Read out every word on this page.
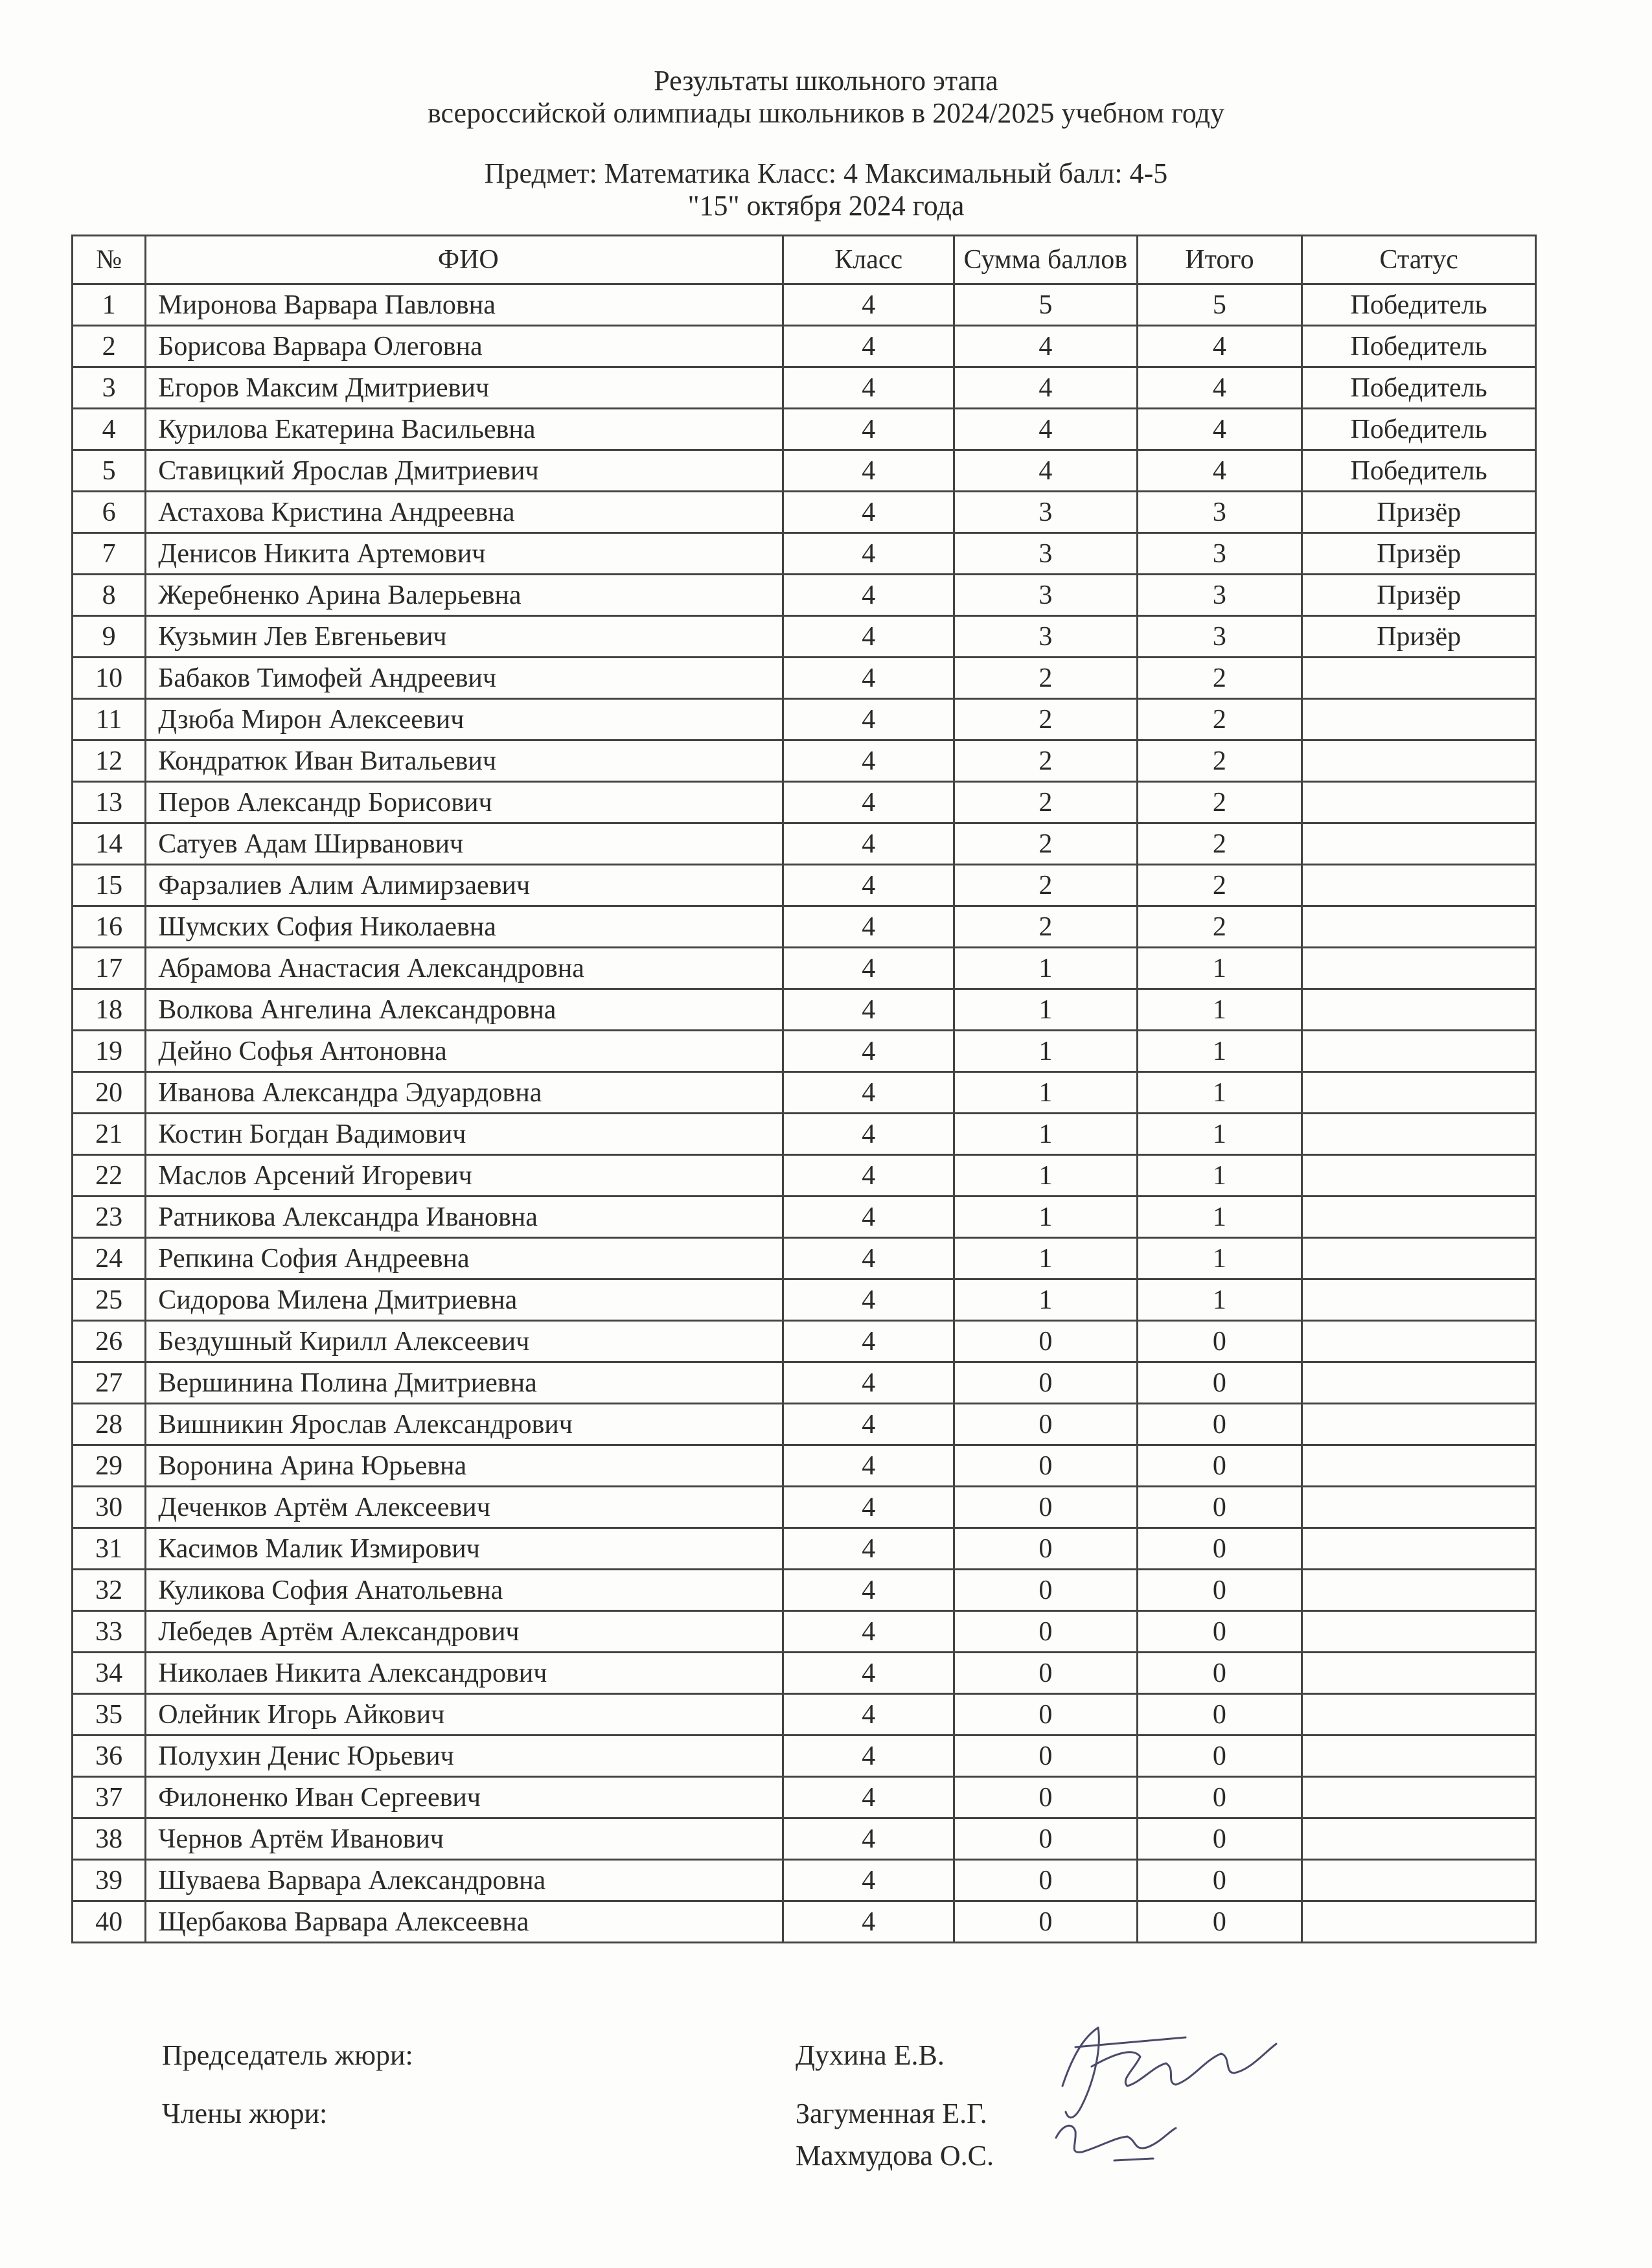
Результаты школьного этапа
всероссийской олимпиады школьников в 2024/2025 учебном году
Предмет: Математика Класс: 4 Максимальный балл: 4-5
"15" октября 2024 года
№	ФИО	Класс	Сумма баллов	Итого	Статус
1	Миронова Варвара Павловна	4	5	5	Победитель
2	Борисова Варвара Олеговна	4	4	4	Победитель
3	Егоров Максим Дмитриевич	4	4	4	Победитель
4	Курилова Екатерина Васильевна	4	4	4	Победитель
5	Ставицкий Ярослав Дмитриевич	4	4	4	Победитель
6	Астахова Кристина Андреевна	4	3	3	Призёр
7	Денисов Никита Артемович	4	3	3	Призёр
8	Жеребненко Арина Валерьевна	4	3	3	Призёр
9	Кузьмин Лев Евгеньевич	4	3	3	Призёр
10	Бабаков Тимофей Андреевич	4	2	2	
11	Дзюба Мирон Алексеевич	4	2	2	
12	Кондратюк Иван Витальевич	4	2	2	
13	Перов Александр Борисович	4	2	2	
14	Сатуев Адам Ширванович	4	2	2	
15	Фарзалиев Алим Алимирзаевич	4	2	2	
16	Шумских София Николаевна	4	2	2	
17	Абрамова Анастасия Александровна	4	1	1	
18	Волкова Ангелина Александровна	4	1	1	
19	Дейно Софья Антоновна	4	1	1	
20	Иванова Александра Эдуардовна	4	1	1	
21	Костин Богдан Вадимович	4	1	1	
22	Маслов Арсений Игоревич	4	1	1	
23	Ратникова Александра Ивановна	4	1	1	
24	Репкина София Андреевна	4	1	1	
25	Сидорова Милена Дмитриевна	4	1	1	
26	Бездушный Кирилл Алексеевич	4	0	0	
27	Вершинина Полина Дмитриевна	4	0	0	
28	Вишникин Ярослав Александрович	4	0	0	
29	Воронина Арина Юрьевна	4	0	0	
30	Деченков Артём Алексеевич	4	0	0	
31	Касимов Малик Измирович	4	0	0	
32	Куликова София Анатольевна	4	0	0	
33	Лебедев Артём Александрович	4	0	0	
34	Николаев Никита Александрович	4	0	0	
35	Олейник Игорь Айкович	4	0	0	
36	Полухин Денис Юрьевич	4	0	0	
37	Филоненко Иван Сергеевич	4	0	0	
38	Чернов Артём Иванович	4	0	0	
39	Шуваева Варвара Александровна	4	0	0	
40	Щербакова Варвара Алексеевна	4	0	0	
Председатель жюри:	Духина Е.В.
Члены жюри:	Загуменная Е.Г.
Махмудова О.С.
